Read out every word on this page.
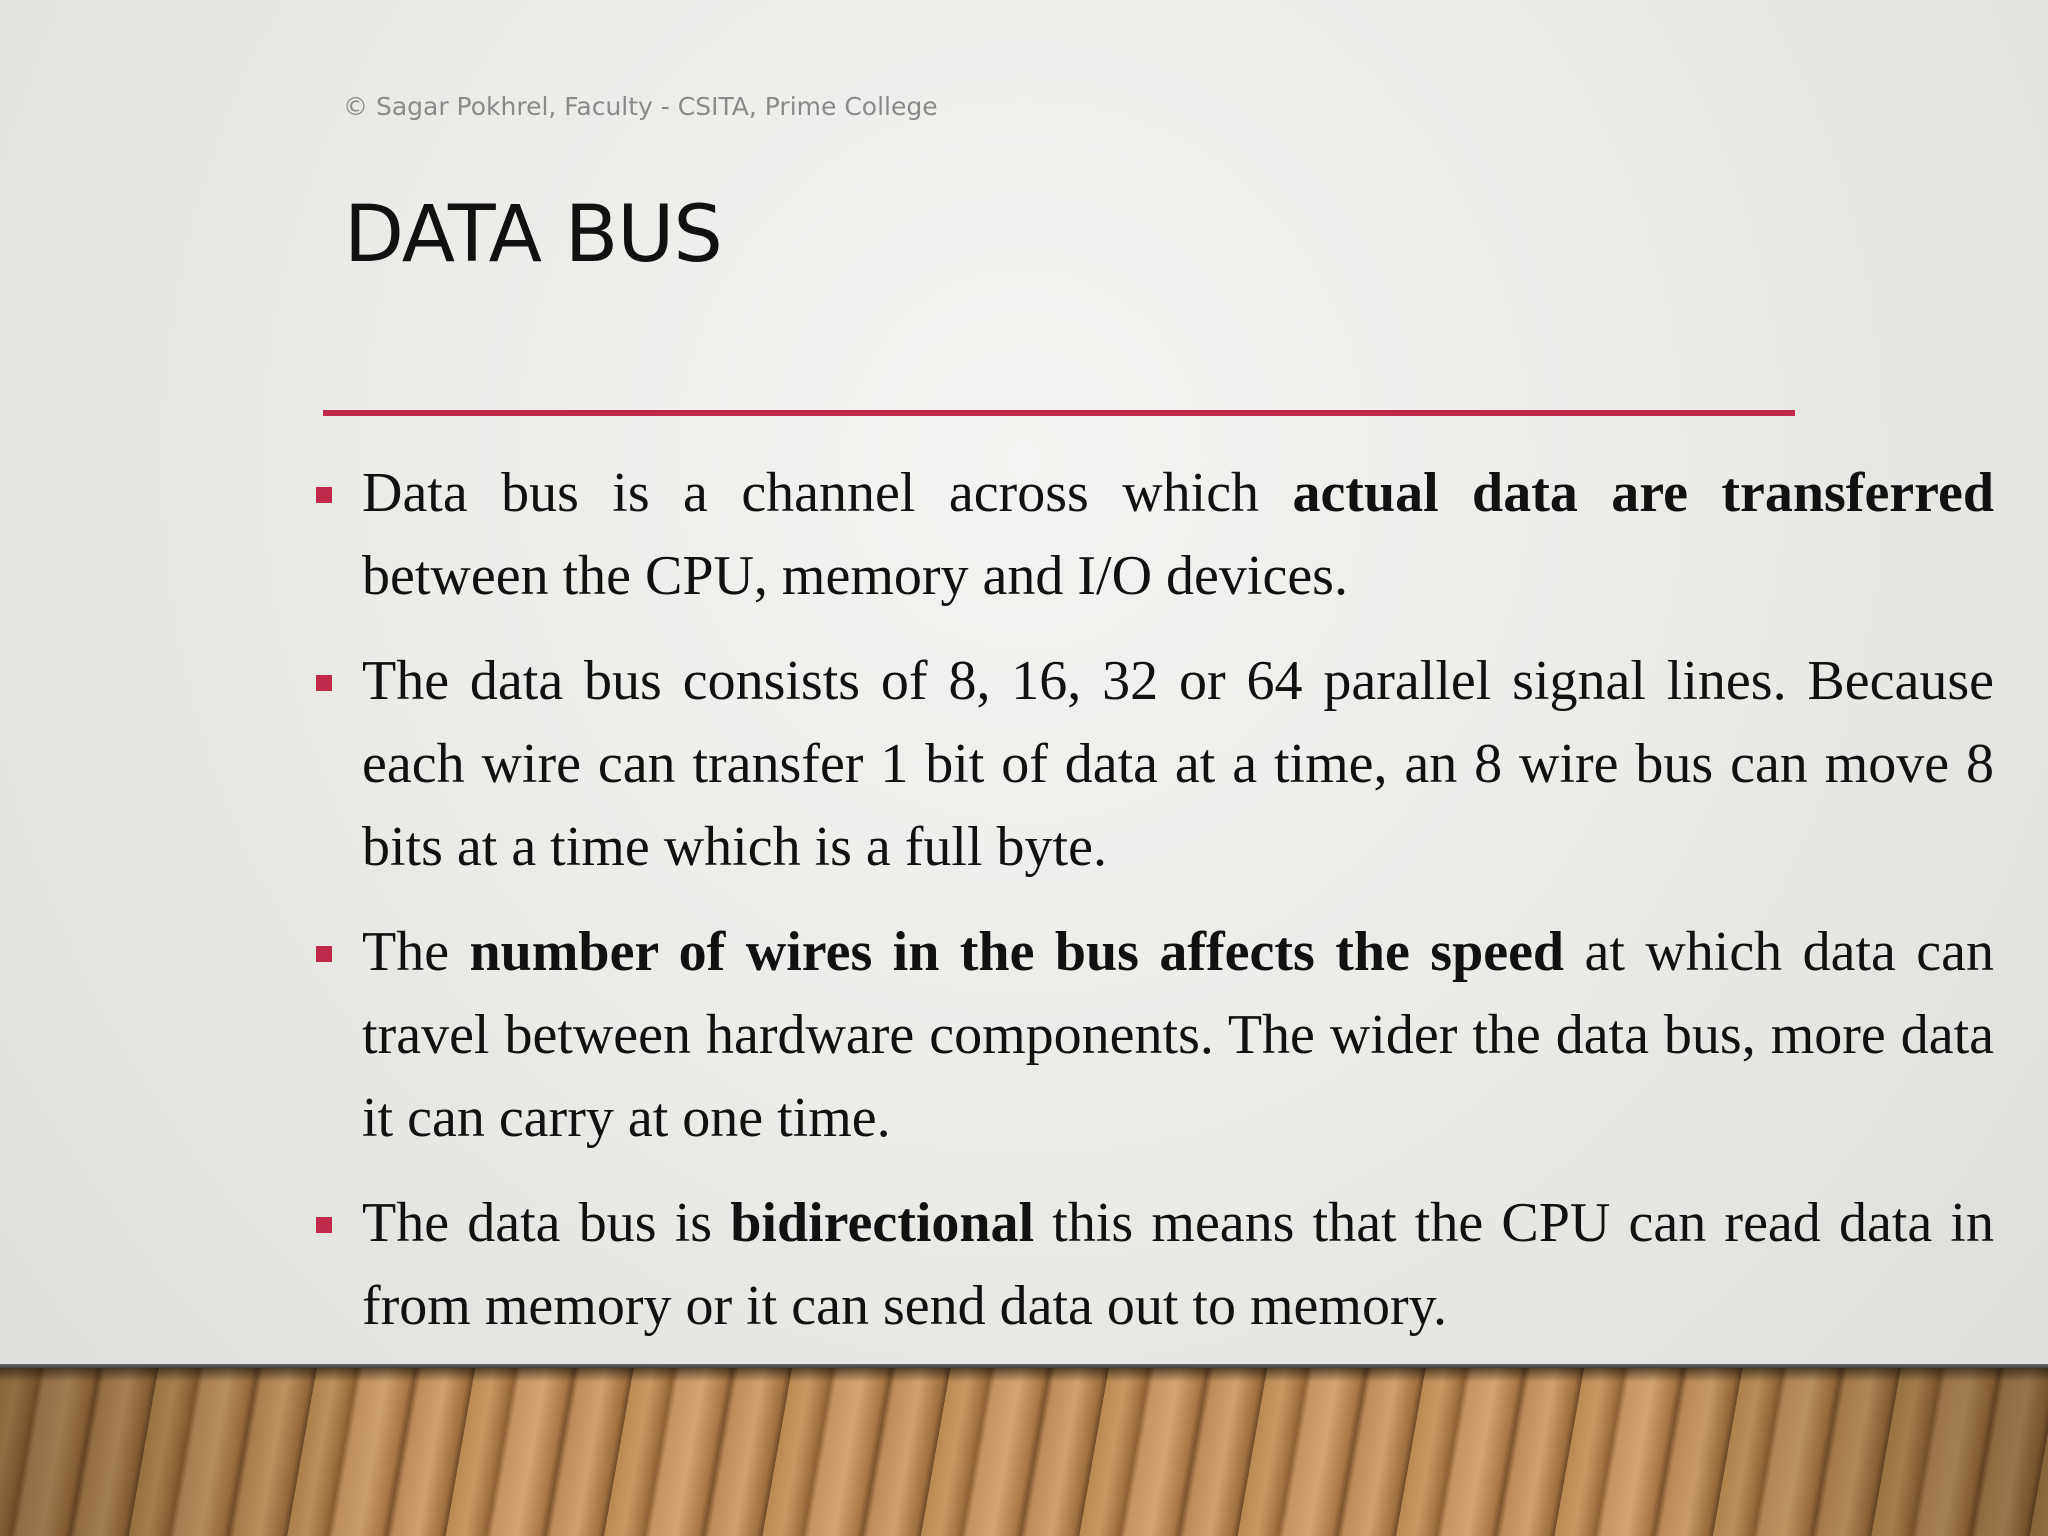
© Sagar Pokhrel, Faculty - CSITA, Prime College
DATA BUS
Data bus is a channel across which actual data are transferred between the CPU, memory and I/O devices.
The data bus consists of 8, 16, 32 or 64 parallel signal lines. Because each wire can transfer 1 bit of data at a time, an 8 wire bus can move 8 bits at a time which is a full byte.
The number of wires in the bus affects the speed at which data can travel between hardware components. The wider the data bus, more data it can carry at one time.
The data bus is bidirectional this means that the CPU can read data in from memory or it can send data out to memory.
